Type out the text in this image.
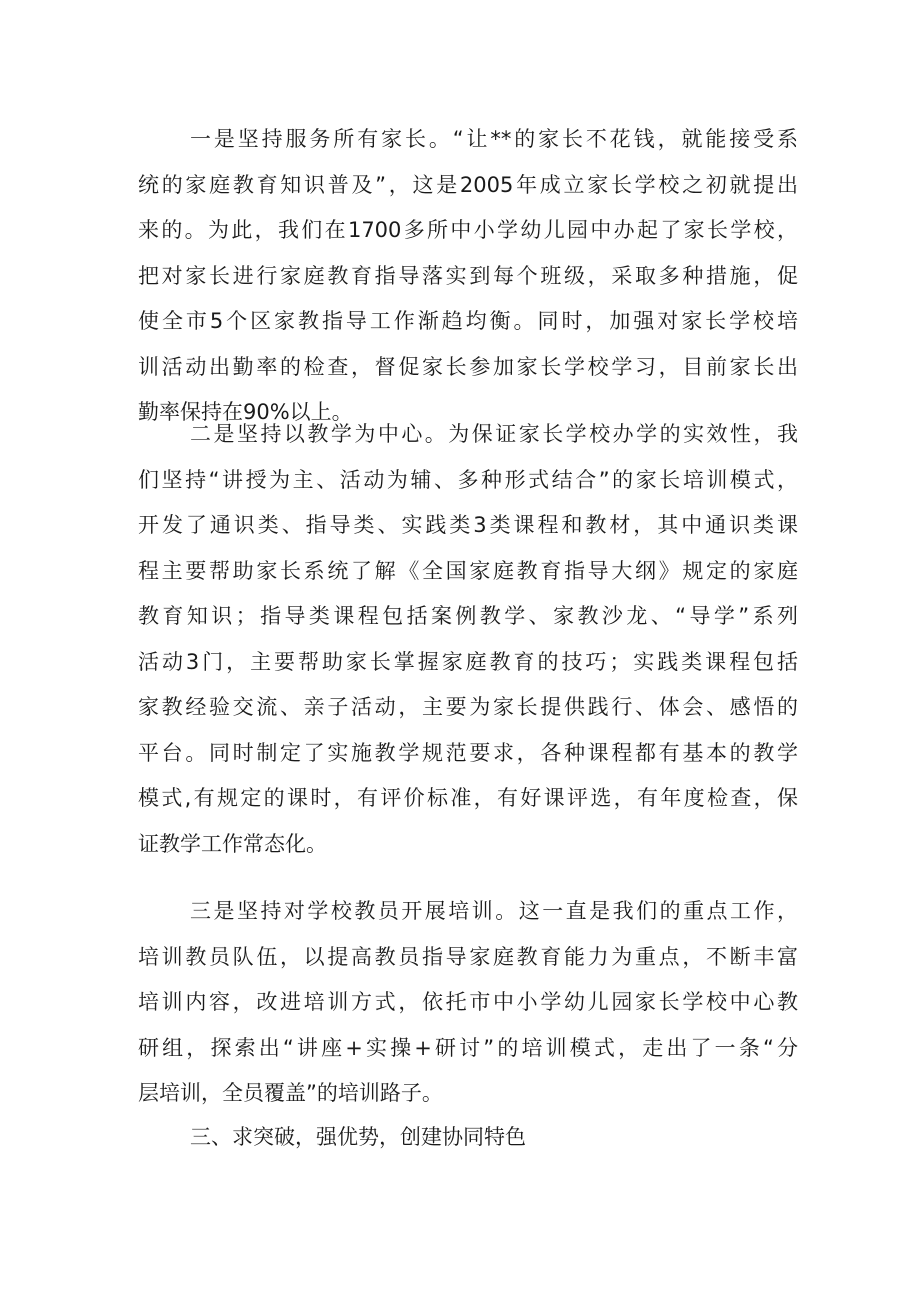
一是坚持服务所有家长。“让**的家长不花钱，就能接受系
统的家庭教育知识普及”，这是2005年成立家长学校之初就提出
来的。为此，我们在1700多所中小学幼儿园中办起了家长学校，
把对家长进行家庭教育指导落实到每个班级，采取多种措施，促
使全市5个区家教指导工作渐趋均衡。同时，加强对家长学校培
训活动出勤率的检查，督促家长参加家长学校学习，目前家长出
勤率保持在90%以上。
二是坚持以教学为中心。为保证家长学校办学的实效性，我
们坚持“讲授为主、活动为辅、多种形式结合”的家长培训模式，
开发了通识类、指导类、实践类3类课程和教材，其中通识类课
程主要帮助家长系统了解《全国家庭教育指导大纲》规定的家庭
教育知识；指导类课程包括案例教学、家教沙龙、“导学”系列
活动3门，主要帮助家长掌握家庭教育的技巧；实践类课程包括
家教经验交流、亲子活动，主要为家长提供践行、体会、感悟的
平台。同时制定了实施教学规范要求，各种课程都有基本的教学
模式,有规定的课时，有评价标准，有好课评选，有年度检查，保
证教学工作常态化。
三是坚持对学校教员开展培训。这一直是我们的重点工作，
培训教员队伍，以提高教员指导家庭教育能力为重点，不断丰富
培训内容，改进培训方式，依托市中小学幼儿园家长学校中心教
研组，探索出“讲座+实操+研讨”的培训模式，走出了一条“分
层培训，全员覆盖”的培训路子。
三、求突破，强优势，创建协同特色
